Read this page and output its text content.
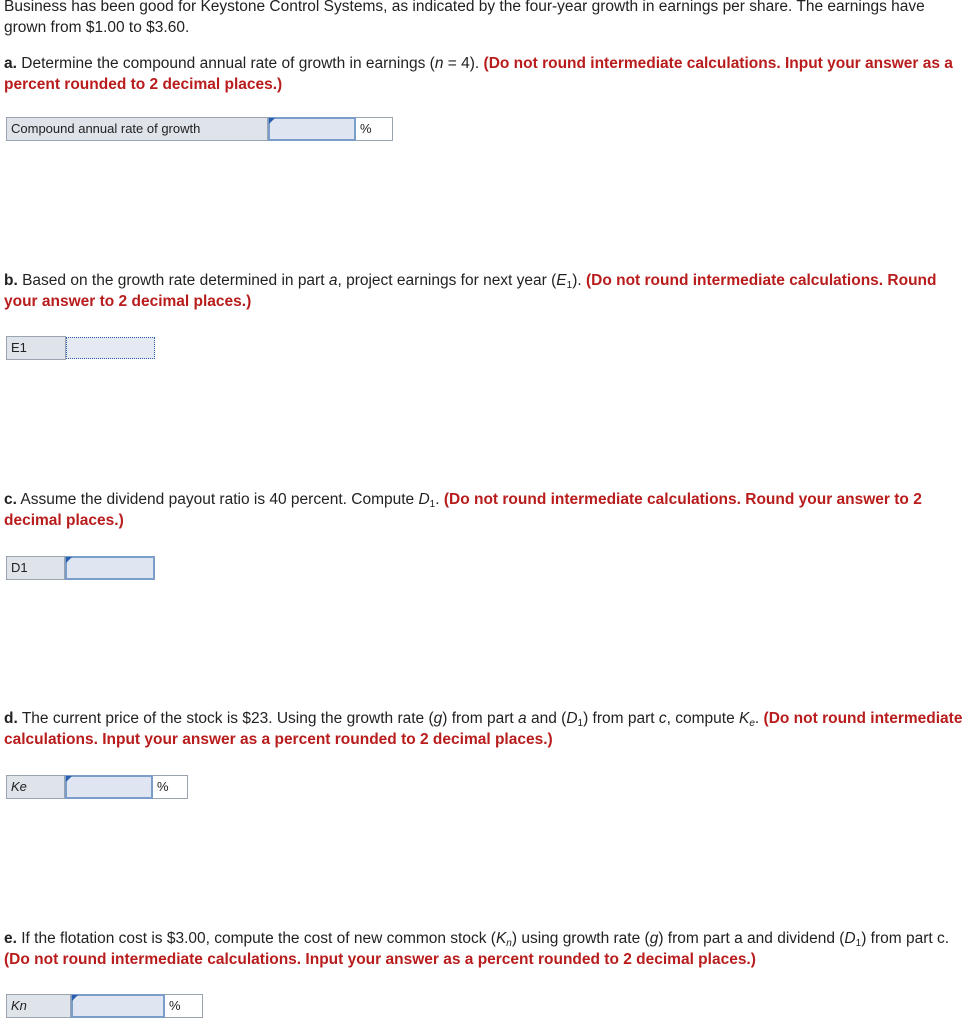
Business has been good for Keystone Control Systems, as indicated by the four-year growth in earnings per share. The earnings have grown from $1.00 to $3.60.
a. Determine the compound annual rate of growth in earnings (n = 4). (Do not round intermediate calculations. Input your answer as a percent rounded to 2 decimal places.)
Compound annual rate of growth	%
b. Based on the growth rate determined in part a, project earnings for next year $(E_1)$. (Do not round intermediate calculations. Round your answer to 2 decimal places.)
E1
c. Assume the dividend payout ratio is 40 percent. Compute $D_1$. (Do not round intermediate calculations. Round your answer to 2 decimal places.)
D1
d. The current price of the stock is $23. Using the growth rate (g) from part a and $(D_1)$ from part c, compute $K_e$. (Do not round intermediate calculations. Input your answer as a percent rounded to 2 decimal places.)
Ke	%
e. If the flotation cost is $3.00, compute the cost of new common stock $(K_n)$ using growth rate (g) from part a and dividend $(D_1)$ from part c. (Do not round intermediate calculations. Input your answer as a percent rounded to 2 decimal places.)
Kn	%
